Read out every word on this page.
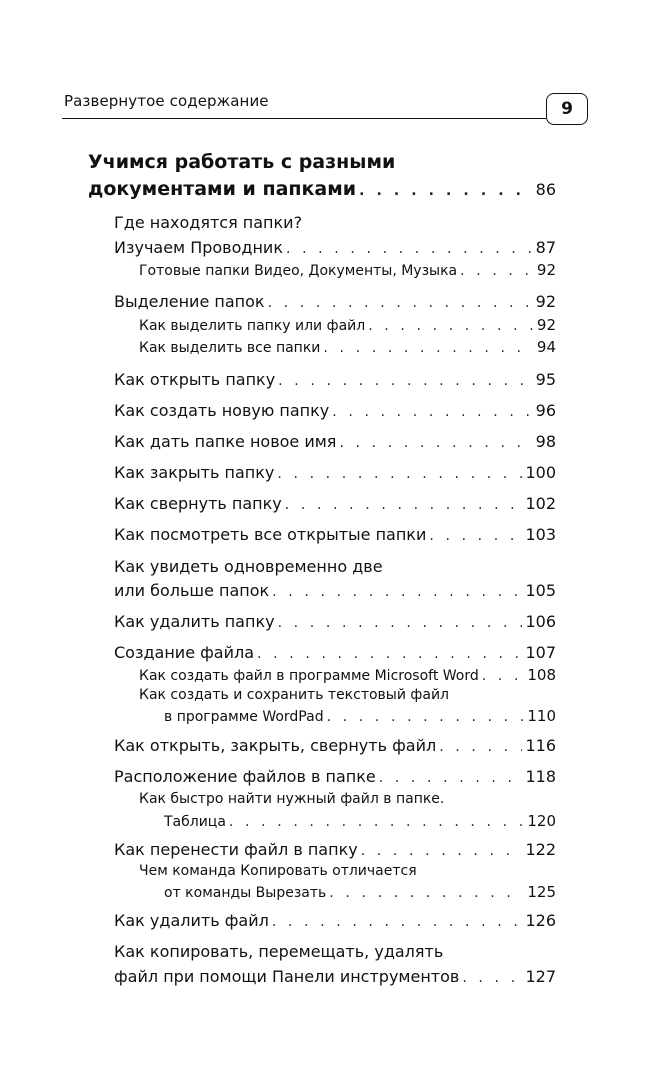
Развернутое содержание	9
Учимся работать с разными
документами и папками . . .	86
Где находятся папки?
Изучаем Проводник . . .	87
Готовые папки Видео, Документы, Музыка . . .	92
Выделение папок . . .	92
Как выделить папку или файл . . .	92
Как выделить все папки . . .	94
Как открыть папку . . .	95
Как создать новую папку . . .	96
Как дать папке новое имя . . .	98
Как закрыть папку . . .	100
Как свернуть папку . . .	102
Как посмотреть все открытые папки . . .	103
Как увидеть одновременно две
или больше папок . . .	105
Как удалить папку . . .	106
Создание файла . . .	107
Как создать файл в программе Microsoft Word . . .	108
Как создать и сохранить текстовый файл
в программе WordPad . . .	110
Как открыть, закрыть, свернуть файл . . .	116
Расположение файлов в папке . . .	118
Как быстро найти нужный файл в папке.
Таблица . . .	120
Как перенести файл в папку . . .	122
Чем команда Копировать отличается
от команды Вырезать . . .	125
Как удалить файл . . .	126
Как копировать, перемещать, удалять
файл при помощи Панели инструментов . . .	127
